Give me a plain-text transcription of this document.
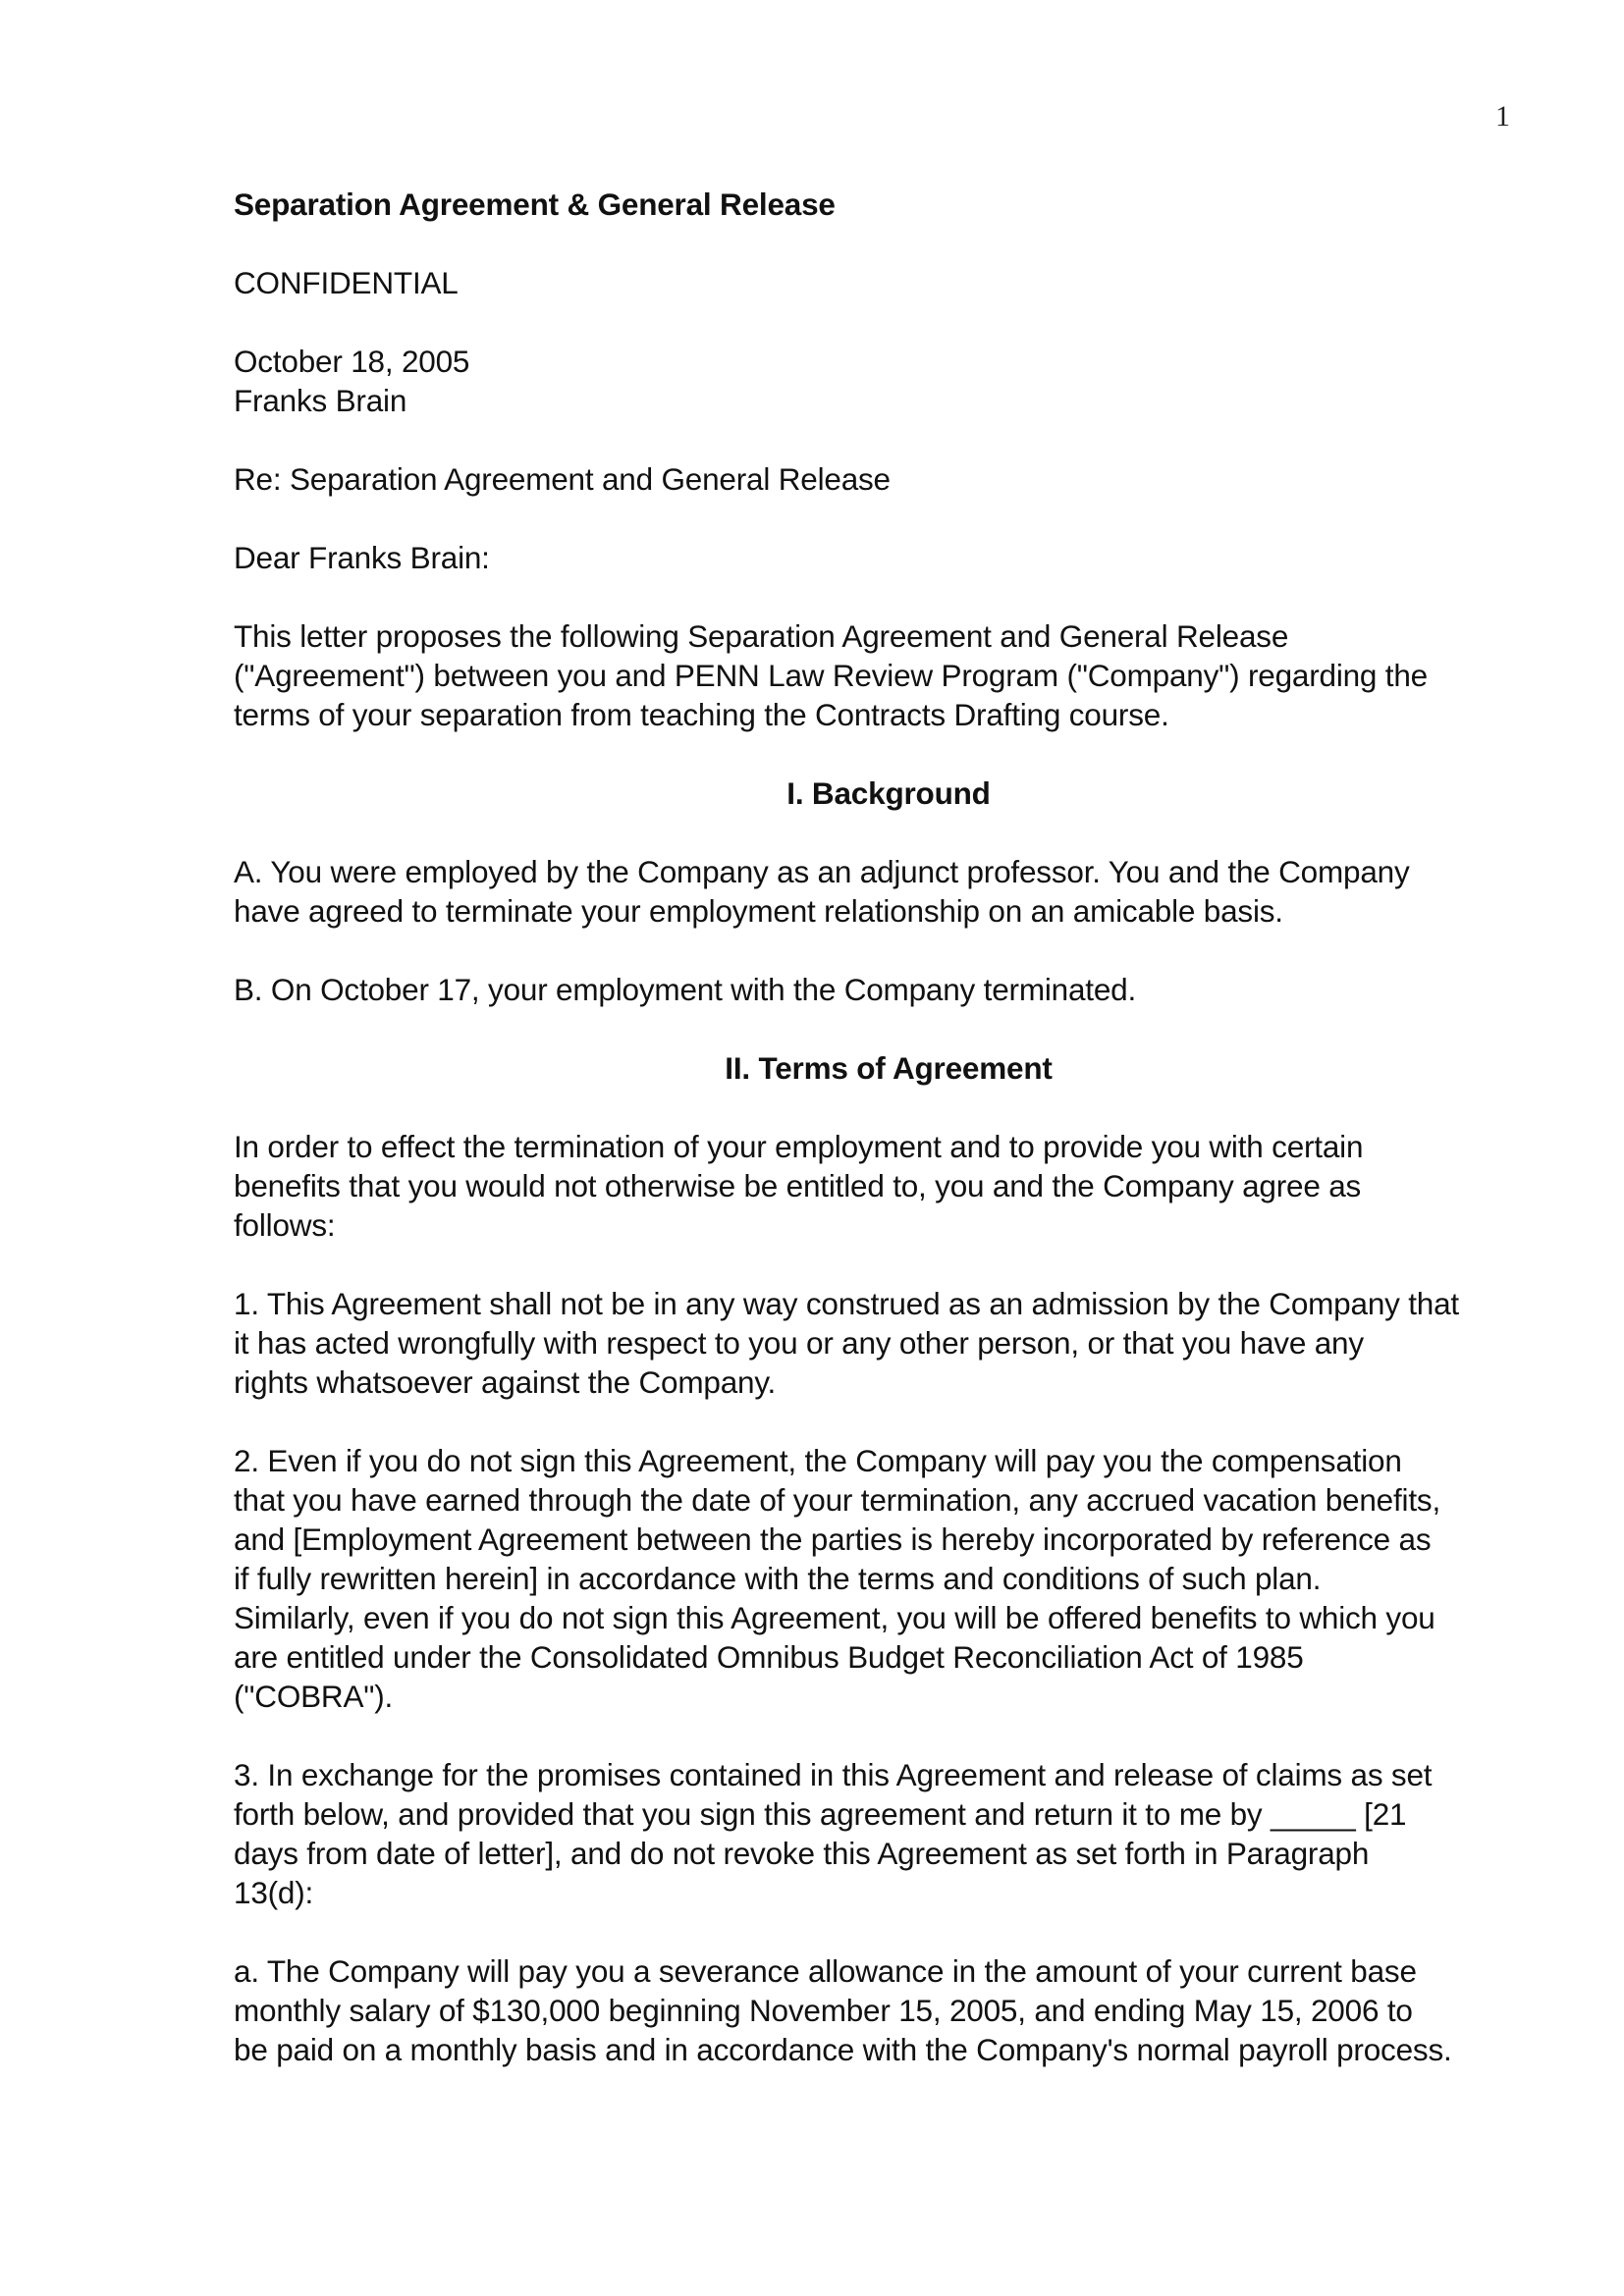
1

Separation Agreement & General Release

CONFIDENTIAL

October 18, 2005
Franks Brain

Re: Separation Agreement and General Release

Dear Franks Brain:

This letter proposes the following Separation Agreement and General Release
("Agreement") between you and PENN Law Review Program ("Company") regarding the
terms of your separation from teaching the Contracts Drafting course.

I. Background

A. You were employed by the Company as an adjunct professor. You and the Company
have agreed to terminate your employment relationship on an amicable basis.

B. On October 17, your employment with the Company terminated.

II. Terms of Agreement

In order to effect the termination of your employment and to provide you with certain
benefits that you would not otherwise be entitled to, you and the Company agree as
follows:

1. This Agreement shall not be in any way construed as an admission by the Company that
it has acted wrongfully with respect to you or any other person, or that you have any
rights whatsoever against the Company.

2. Even if you do not sign this Agreement, the Company will pay you the compensation
that you have earned through the date of your termination, any accrued vacation benefits,
and [Employment Agreement between the parties is hereby incorporated by reference as
if fully rewritten herein] in accordance with the terms and conditions of such plan.
Similarly, even if you do not sign this Agreement, you will be offered benefits to which you
are entitled under the Consolidated Omnibus Budget Reconciliation Act of 1985
("COBRA").

3. In exchange for the promises contained in this Agreement and release of claims as set
forth below, and provided that you sign this agreement and return it to me by _____ [21
days from date of letter], and do not revoke this Agreement as set forth in Paragraph
13(d):

a. The Company will pay you a severance allowance in the amount of your current base
monthly salary of $130,000 beginning November 15, 2005, and ending May 15, 2006 to
be paid on a monthly basis and in accordance with the Company's normal payroll process.
